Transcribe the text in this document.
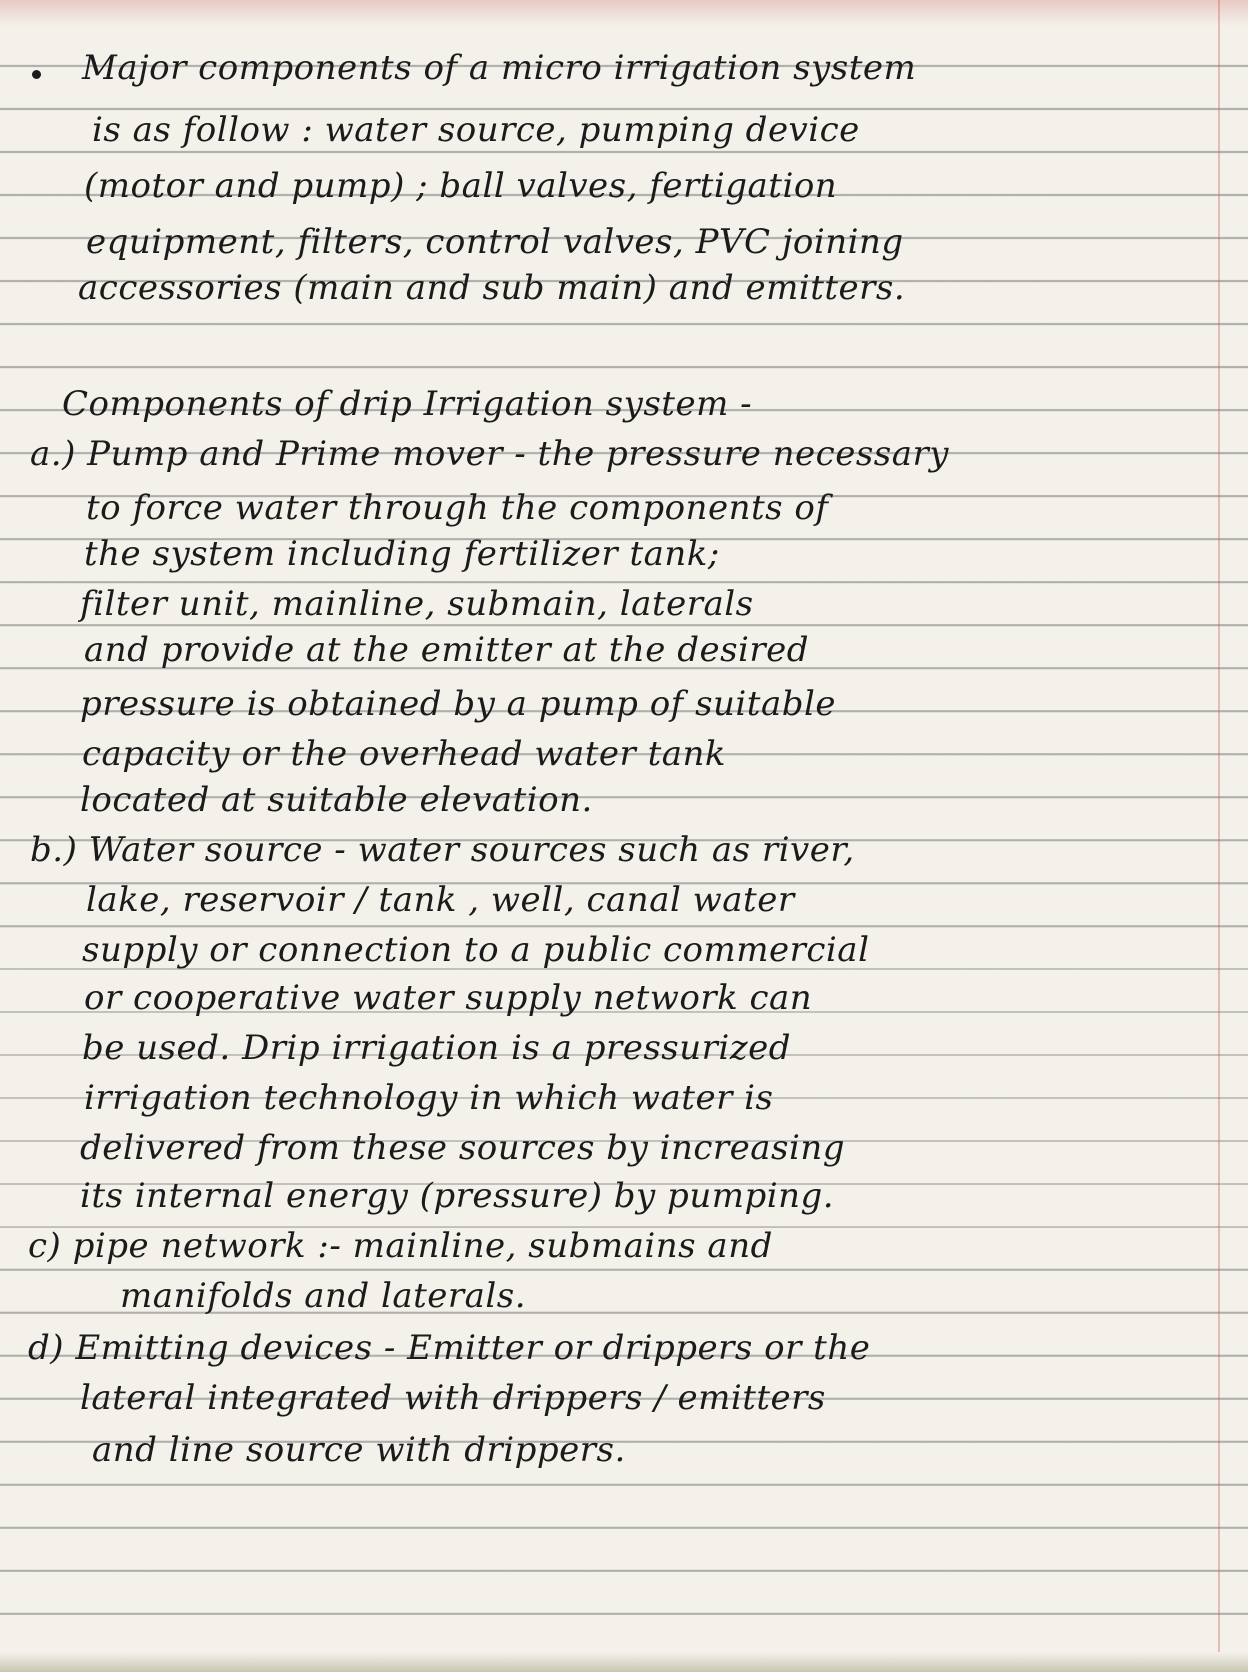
Major components of a micro irrigation system
is as follow : water source, pumping device
(motor and pump) ; ball valves, fertigation
equipment, filters, control valves, PVC joining
accessories (main and sub main) and emitters.
Components of drip Irrigation system -
a.) Pump and Prime mover - the pressure necessary
to force water through the components of
the system including fertilizer tank;
filter unit, mainline, submain, laterals
and provide at the emitter at the desired
pressure is obtained by a pump of suitable
capacity or the overhead water tank
located at suitable elevation.
b.) Water source - water sources such as river,
lake, reservoir / tank , well, canal water
supply or connection to a public commercial
or cooperative water supply network can
be used. Drip irrigation is a pressurized
irrigation technology in which water is
delivered from these sources by increasing
its internal energy (pressure) by pumping.
c) pipe network :- mainline, submains and
manifolds and laterals.
d) Emitting devices - Emitter or drippers or the
lateral integrated with drippers / emitters
and line source with drippers.
